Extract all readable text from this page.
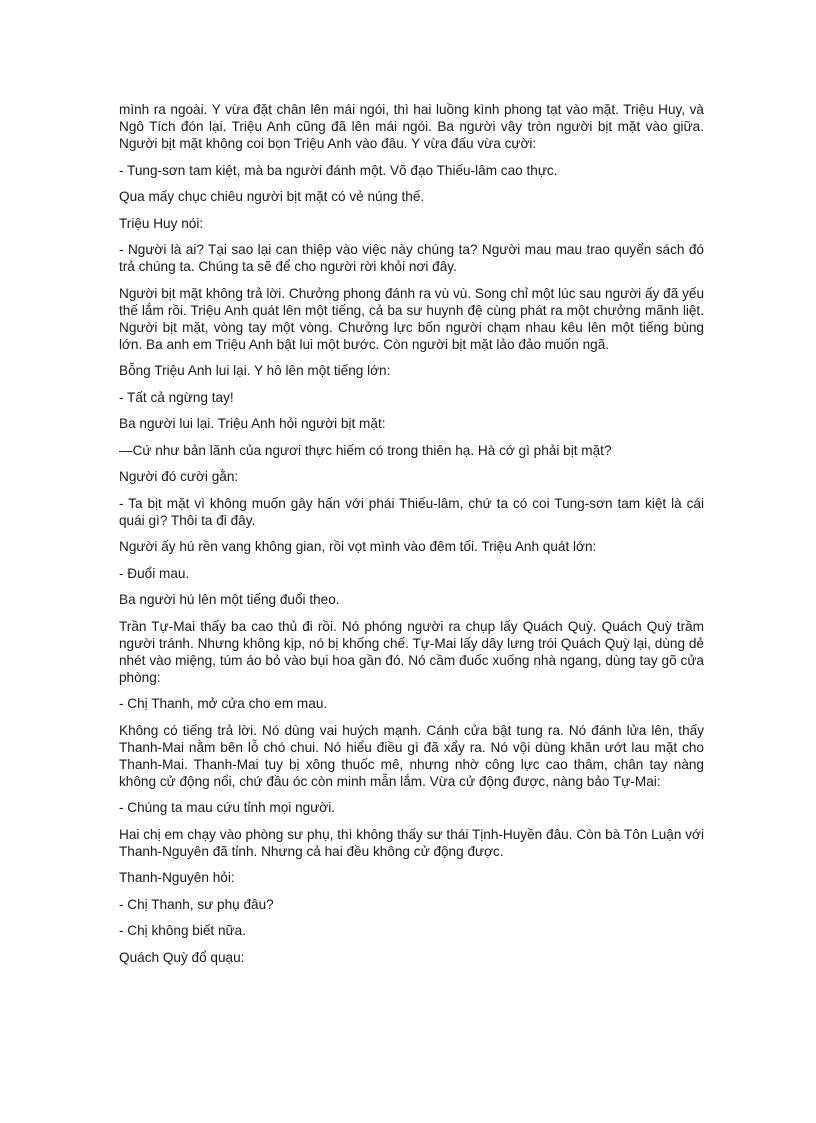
mình ra ngoài. Y vừa đặt chân lên mái ngói, thì hai luồng kình phong tạt vào mặt. Triệu Huy, và Ngô Tích đón lại. Triệu Anh cũng đã lên mái ngói. Ba người vây tròn người bịt mặt vào giữa. Người bịt mặt không coi bọn Triệu Anh vào đâu. Y vừa đấu vừa cười:

- Tung-sơn tam kiệt, mà ba người đánh một. Võ đạo Thiếu-lâm cao thực.

Qua mấy chục chiêu người bịt mặt có vẻ núng thế.

Triệu Huy nói:

- Người là ai? Tại sao lại can thiệp vào việc này chúng ta? Người mau mau trao quyển sách đó trả chúng ta. Chúng ta sẽ để cho người rời khỏi nơi đây.

Người bịt mặt không trả lời. Chưởng phong đánh ra vù vù. Song chỉ một lúc sau người ấy đã yếu thế lắm rồi. Triệu Anh quát lên một tiếng, cả ba sư huynh đệ cùng phát ra một chưởng mãnh liệt. Người bịt mặt, vòng tay một vòng. Chưởng lực bốn người chạm nhau kêu lên một tiếng bùng lớn. Ba anh em Triệu Anh bật lui một bước. Còn người bịt mặt lảo đảo muốn ngã.

Bỗng Triệu Anh lui lại. Y hô lên một tiếng lớn:

- Tất cả ngừng tay!

Ba người lui lại. Triệu Anh hỏi người bịt mặt:

—Cứ như bản lãnh của ngươi thực hiếm có trong thiên hạ. Hà cớ gì phải bịt mặt?

Người đó cười gằn:

- Ta bịt mặt vì không muốn gây hấn với phái Thiếu-lâm, chứ ta có coi Tung-sơn tam kiệt là cái quái gì? Thôi ta đi đây.

Người ấy hú rền vang không gian, rồi vọt mình vào đêm tối. Triệu Anh quát lớn:

- Đuổi mau.

Ba người hú lên một tiếng đuổi theo.

Trần Tự-Mai thấy ba cao thủ đi rồi. Nó phóng người ra chụp lấy Quách Quỳ. Quách Quỳ trầm người tránh. Nhưng không kịp, nó bị khống chế. Tự-Mai lấy dây lưng trói Quách Quỳ lại, dùng dẻ nhét vào miệng, túm áo bỏ vào bụi hoa gần đó. Nó cầm đuốc xuống nhà ngang, dùng tay gõ cửa phòng:

- Chị Thanh, mở cửa cho em mau.

Không có tiếng trả lời. Nó dùng vai huých mạnh. Cánh cửa bật tung ra. Nó đánh lửa lên, thấy Thanh-Mai nằm bên lỗ chó chui. Nó hiểu điều gì đã xẩy ra. Nó vội dùng khăn ướt lau mặt cho Thanh-Mai. Thanh-Mai tuy bị xông thuốc mê, nhưng nhờ công lực cao thâm, chân tay nàng không cử động nổi, chứ đầu óc còn minh mẫn lắm. Vừa cử động được, nàng bảo Tự-Mai:

- Chúng ta mau cứu tỉnh mọi người.

Hai chị em chạy vào phòng sư phụ, thì không thấy sư thái Tịnh-Huyền đâu. Còn bà Tôn Luận với Thanh-Nguyên đã tỉnh. Nhưng cả hai đều không cử động được.

Thanh-Nguyên hỏi:

- Chị Thanh, sư phụ đâu?

- Chị không biết nữa.

Quách Quỳ đổ quạu:
